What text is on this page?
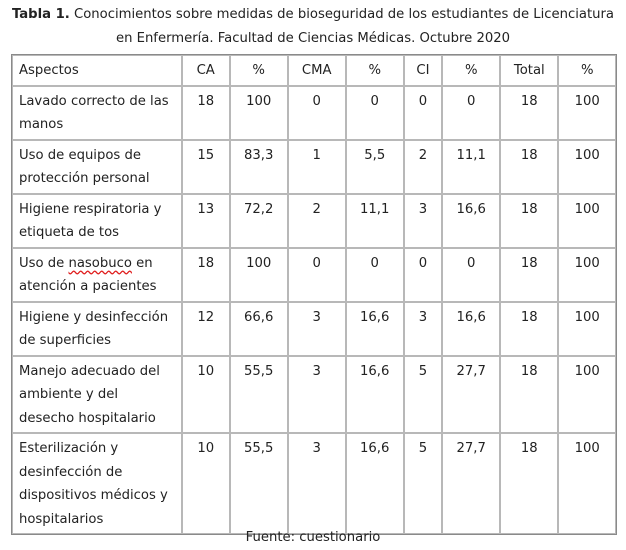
Tabla 1. Conocimientos sobre medidas de bioseguridad de los estudiantes de Licenciatura
en Enfermería. Facultad de Ciencias Médicas. Octubre 2020
Aspectos	CA	%	CMA	%	CI	%	Total	%
Lavado correcto de las
manos	18	100	0	0	0	0	18	100
Uso de equipos de
protección personal	15	83,3	1	5,5	2	11,1	18	100
Higiene respiratoria y
etiqueta de tos	13	72,2	2	11,1	3	16,6	18	100
Uso de nasobuco en
atención a pacientes	18	100	0	0	0	0	18	100
Higiene y desinfección
de superficies	12	66,6	3	16,6	3	16,6	18	100
Manejo adecuado del
ambiente y del
desecho hospitalario	10	55,5	3	16,6	5	27,7	18	100
Esterilización y
desinfección de
dispositivos médicos y
hospitalarios	10	55,5	3	16,6	5	27,7	18	100
Fuente: cuestionario
